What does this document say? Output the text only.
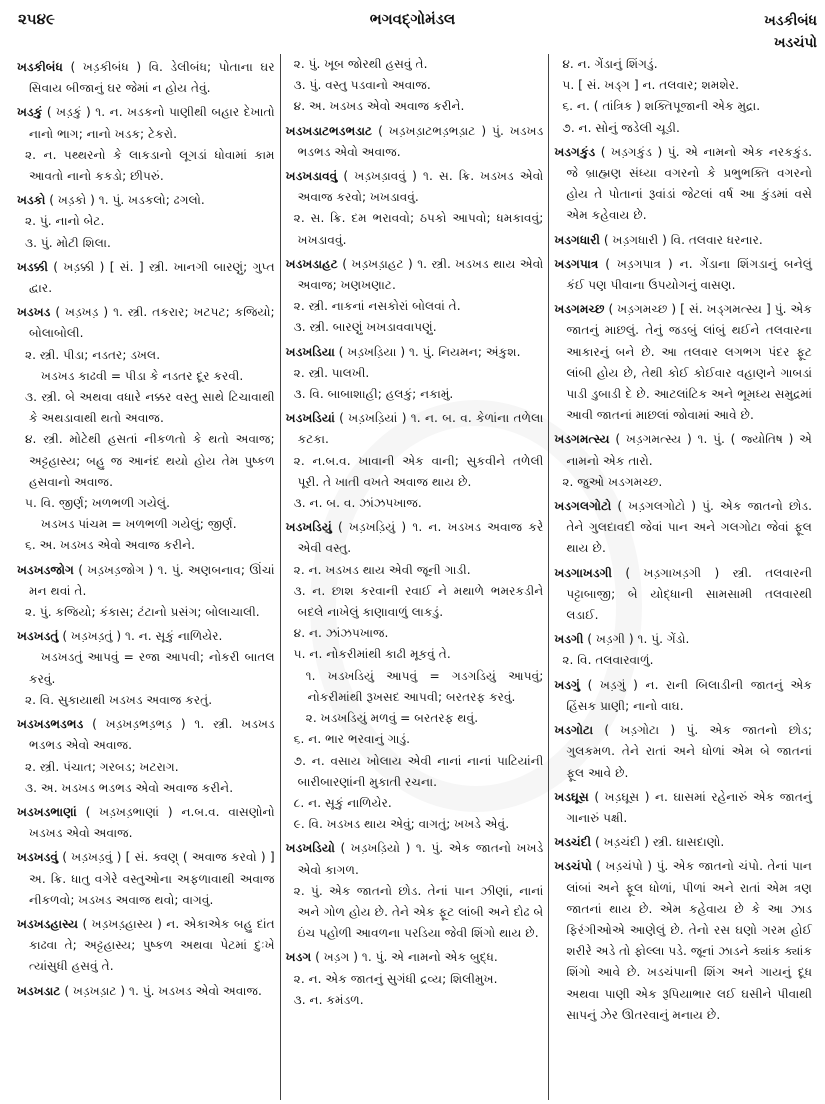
૨૫૪૯	ભગવદ્ગોમંડલ	ખડકીબંધ
ખડચંપો

ખડકીબંધ ( ખડ઼કીબંધ ) વિ. ડેલીબંધ; પોતાના ઘર સિવાય બીજાનું ઘર જેમાં ન હોય તેવું.

ખડકું ( ખડ઼કું ) ૧. ન. ખડકનો પાણીથી બહાર દેખાતો નાનો ભાગ; નાનો ખડક; ટેકરો.

૨. ન. પથ્થરનો કે લાકડાનો લૂગડાં ધોવામાં કામ આવતો નાનો કકડો; છીપરું.

ખડકો ( ખડ઼કો ) ૧. પું. ખડકલો; ઢગલો.

૨. પું. નાનો બેટ.

૩. પું. મોટી શિલા.

ખડક્કી ( ખડ઼ક્કી ) [ સં. ] સ્ત્રી. ખાનગી બારણું; ગુપ્ત દ્વાર.

ખડખડ ( ખડ઼ખડ઼ ) ૧. સ્ત્રી. તકરાર; ખટપટ; કજિયો; બોલાબોલી.

૨. સ્ત્રી. પીડા; નડતર; ડખલ.

ખડખડ કાઢવી = પીડા કે નડતર દૂર કરવી.

૩. સ્ત્રી. બે અથવા વધારે નક્કર વસ્તુ સાથે ટિચાવાથી કે અથડાવાથી થતો અવાજ.

૪. સ્ત્રી. મોટેથી હસતાં નીકળતો કે થતો અવાજ; અટ્ટહાસ્ય; બહુ જ આનંદ થયો હોય તેમ પુષ્કળ હસવાનો અવાજ.

૫. વિ. જીર્ણ; ખળભળી ગયેલું.

ખડખડ પાંચમ = ખળભળી ગયેલું; જીર્ણ.

૬. અ. ખડખડ એવો અવાજ કરીને.

ખડખડજોગ ( ખડ઼ખડ઼જોગ ) ૧. પું. અણબનાવ; ઊંચાં મન થવાં તે.

૨. પું. કજિયો; કંકાસ; ટંટાનો પ્રસંગ; બોલાચાલી.

ખડખડતું ( ખડ઼ખડ઼તું ) ૧. ન. સૂકું નાળિયેર.

ખડખડતું આપવું = રજા આપવી; નોકરી બાતલ કરવું.

૨. વિ. સુકાયાથી ખડખડ અવાજ કરતું.

ખડખડભડભડ ( ખડ઼ખડ઼ભડ઼ભડ઼ ) ૧. સ્ત્રી. ખડખડ ભડભડ એવો અવાજ.

૨. સ્ત્રી. પંચાત; ગરબડ; ખટરાગ.

૩. અ. ખડખડ ભડભડ એવો અવાજ કરીને.

ખડખડભાણાં ( ખડ઼ખડ઼ભાણાં ) ન.બ.વ. વાસણોનો ખડખડ એવો અવાજ.

ખડખડવું ( ખડ઼ખડ઼વું ) [ સં. ક્વણ્ ( અવાજ કરવો ) ] અ. ક્રિ. ધાતુ વગેરે વસ્તુઓના અફળાવાથી અવાજ નીકળવો; ખડખડ અવાજ થવો; વાગવું.

ખડખડહાસ્ય ( ખડ઼ખડ઼હાસ્ય ) ન. એકાએક બહુ દાંત કાઢવા તે; અટ્ટહાસ્ય; પુષ્કળ અથવા પેટમાં દુઃખે ત્યાંસુધી હસવું તે.

ખડખડાટ ( ખડ઼ખડ઼ાટ ) ૧. પું. ખડખડ એવો અવાજ.

૨. પું. ખૂબ જોરથી હસવું તે.

૩. પું. વસ્તુ પડવાનો અવાજ.

૪. અ. ખડખડ એવો અવાજ કરીને.

ખડખડાટભડભડાટ ( ખડ઼ખડ઼ાટભડ઼ભડ઼ાટ ) પું. ખડખડ ભડભડ એવો અવાજ.

ખડખડાવવું ( ખડ઼ખડ઼ાવવું ) ૧. સ. ક્રિ. ખડખડ એવો અવાજ કરવો; ખખડાવવું.

૨. સ. ક્રિ. દમ ભરાવવો; ઠપકો આપવો; ધમકાવવું; ખખડાવવું.

ખડખડાહટ ( ખડ઼ખડ઼ાહટ ) ૧. સ્ત્રી. ખડખડ થાય એવો અવાજ; ખણખણાટ.

૨. સ્ત્રી. નાકનાં નસકોરાં બોલવાં તે.

૩. સ્ત્રી. બારણું ખખડાવવાપણું.

ખડખડિયા ( ખડ઼ખડ઼િયા ) ૧. પું. નિયમન; અંકુશ.

૨. સ્ત્રી. પાલખી.

૩. વિ. બાબાશાહી; હલકું; નકામું.

ખડખડિયાં ( ખડ઼ખડ઼િયાં ) ૧. ન. બ. વ. કેળાંના તળેલા કટકા.

૨. ન.બ.વ. ખાવાની એક વાની; સુકવીને તળેલી પૂરી. તે ખાતી વખતે અવાજ થાય છે.

૩. ન. બ. વ. ઝાંઝપખાજ.

ખડખડિયું ( ખડ઼ખડ઼િયું ) ૧. ન. ખડખડ અવાજ કરે એવી વસ્તુ.

૨. ન. ખડખડ થાય એવી જૂની ગાડી.

૩. ન. છાશ કરવાની રવાઈ ને મથાળે ભમરકડીને બદલે નાખેલું કાણાવાળું લાકડું.

૪. ન. ઝાંઝપખાજ.

૫. ન. નોકરીમાંથી કાઢી મૂકવું તે.

૧. ખડખડિયું આપવું = ગડગડિયું આપવું; નોકરીમાંથી રૂખસદ આપવી; બરતરફ કરવું.

૨. ખડખડિયું મળવું = બરતરફ થવું.

૬. ન. ભાર ભરવાનું ગાડું.

૭. ન. વસાય ખોલાય એવી નાનાં નાનાં પાટિયાંની બારીબારણાંની મુકાતી રચના.

૮. ન. સૂકું નાળિયેર.

૯. વિ. ખડખડ થાય એવું; વાગતું; ખખડે એવું.

ખડખડિયો ( ખડ઼ખડ઼િયો ) ૧. પું. એક જાતનો ખખડે એવો કાગળ.

૨. પું. એક જાતનો છોડ. તેનાં પાન ઝીણાં, નાનાં અને ગોળ હોય છે. તેને એક ફૂટ લાંબી અને દોઢ બે ઇંચ પહોળી આવળના પરડિયા જેવી શિંગો થાય છે.

ખડગ ( ખડ઼ગ ) ૧. પું. એ નામનો એક બુદ્ધ.

૨. ન. એક જાતનું સુગંધી દ્રવ્ય; શિલીમુખ.

૩. ન. કમંડળ.

૪. ન. ગેંડાનું શિંગડું.

૫. [ સં. ખડ્ગ ] ન. તલવાર; શમશેર.

૬. ન. ( તાંત્રિક ) શક્તિપૂજાની એક મુદ્રા.

૭. ન. સોનું જડેલી ચૂડી.

ખડગકુંડ ( ખડ઼ગકુંડ ) પું. એ નામનો એક નરકકુંડ. જે બ્રાહ્મણ સંધ્યા વગરનો કે પ્રભુભક્તિ વગરનો હોય તે પોતાનાં રૂવાંડાં જેટલાં વર્ષ આ કુંડમાં વસે એમ કહેવાય છે.

ખડગધારી ( ખડ઼ગધારી ) વિ. તલવાર ધરનાર.

ખડગપાત્ર ( ખડ઼ગપાત્ર ) ન. ગેંડાના શિંગડાનું બનેલું કંઈ પણ પીવાના ઉપયોગનું વાસણ.

ખડગમચ્છ ( ખડ઼ગમચ્છ ) [ સં. ખડ્ગમત્સ્ય ] પું. એક જાતનું માછલું. તેનું જડબું લાંબું થઈને તલવારના આકારનું બને છે. આ તલવાર લગભગ પંદર ફૂટ લાંબી હોય છે, તેથી કોઈ કોઈવાર વહાણને ગાબડાં પાડી ડુબાડી દે છે. આટલાંટિક અને ભૂમધ્ય સમુદ્રમાં આવી જાતનાં માછલાં જોવામાં આવે છે.

ખડગમત્સ્ય ( ખડ઼ગમત્સ્ય ) ૧. પું. ( જ્યોતિષ ) એ નામનો એક તારો.

૨. જુઓ ખડગમચ્છ.

ખડગલગોટો ( ખડ઼ગલગોટો ) પું. એક જાતનો છોડ. તેને ગુલદાવદી જેવાં પાન અને ગલગોટા જેવાં ફૂલ થાય છે.

ખડગાખડગી ( ખડ઼ગાખડ઼ગી ) સ્ત્રી. તલવારની પટ્ટાબાજી; બે યોદ્ધાની સામસામી તલવારથી લડાઈ.

ખડગી ( ખડ઼ગી ) ૧. પું. ગેંડો.

૨. વિ. તલવારવાળું.

ખડગું ( ખડ઼ગું ) ન. રાની બિલાડીની જાતનું એક હિંસક પ્રાણી; નાનો વાઘ.

ખડગોટા ( ખડ઼ગોટા ) પું. એક જાતનો છોડ; ગુલકમળ. તેને રાતાં અને ધોળાં એમ બે જાતનાં ફૂલ આવે છે.

ખડઘૂસ ( ખડ઼ઘૂસ ) ન. ઘાસમાં રહેનારું એક જાતનું ગાનારું પક્ષી.

ખડચંદી ( ખડ઼ચંદી ) સ્ત્રી. ઘાસદાણો.

ખડચંપો ( ખડ઼ચંપો ) પું. એક જાતનો ચંપો. તેનાં પાન લાંબાં અને ફૂલ ધોળાં, પીળાં અને રાતાં એમ ત્રણ જાતનાં થાય છે. એમ કહેવાય છે કે આ ઝાડ ફિરંગીઓએ આણેલું છે. તેનો રસ ઘણો ગરમ હોઈ શરીરે અડે તો ફોલ્લા પડે. જૂનાં ઝાડને ક્યાંક ક્યાંક શિંગો આવે છે. ખડચંપાની શિંગ અને ગાયનું દૂધ અથવા પાણી એક રૂપિયાભાર લઈ ઘસીને પીવાથી સાપનું ઝેર ઊતરવાનું મનાય છે.
